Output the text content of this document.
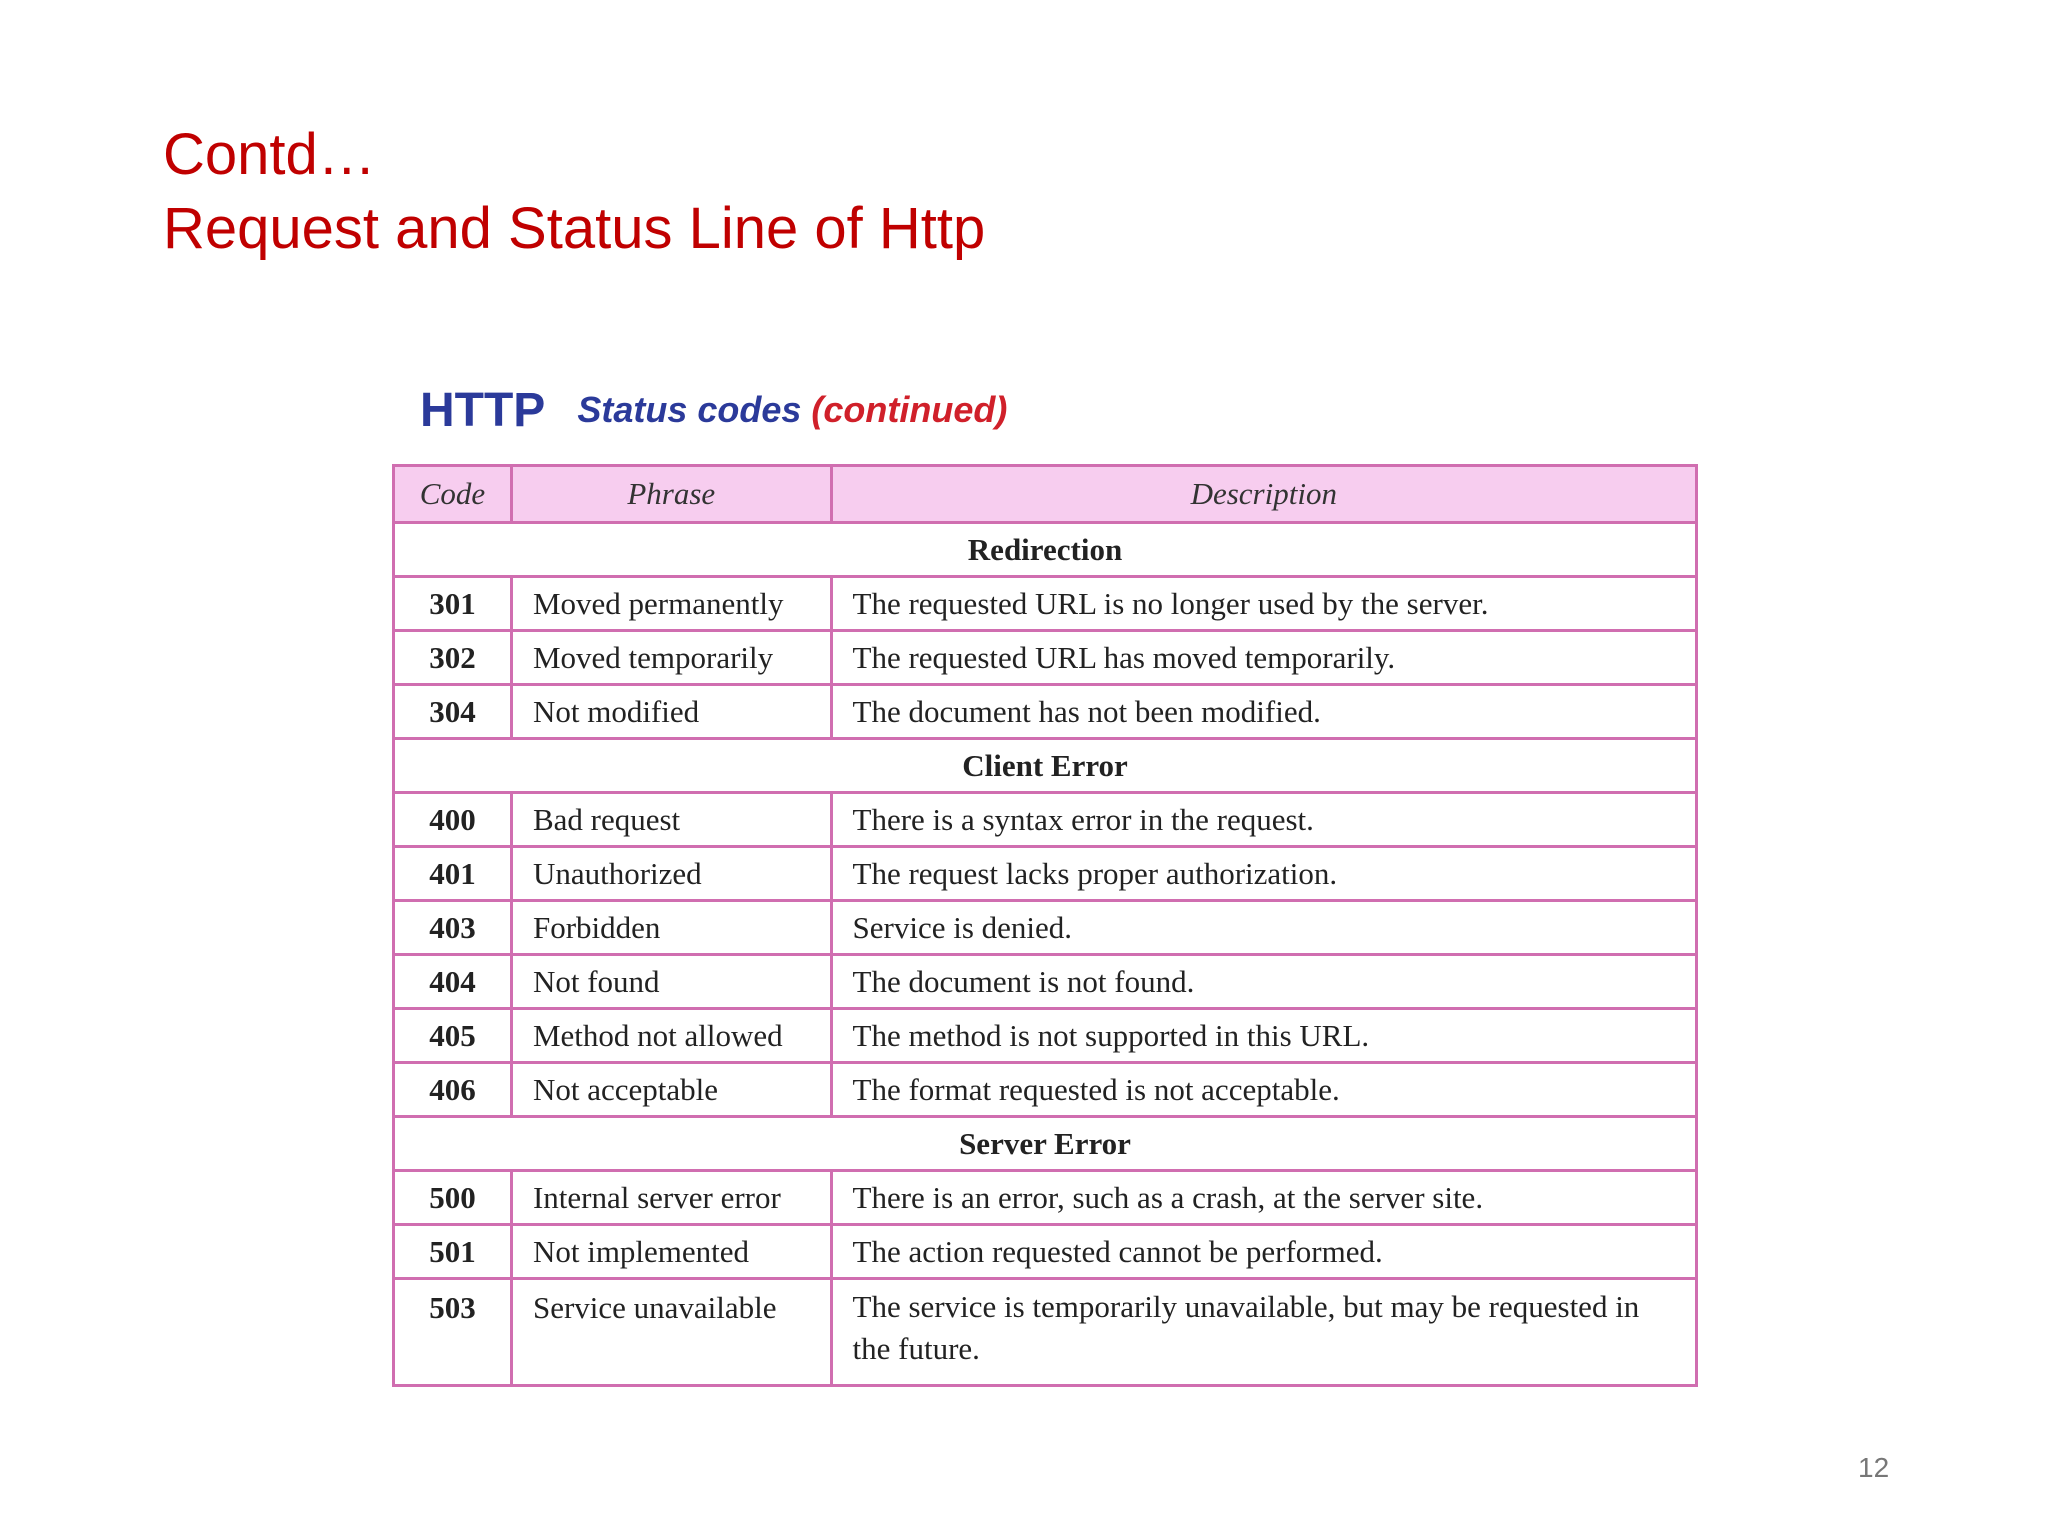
Contd…
Request and Status Line of Http
HTTP Status codes (continued)
Code	Phrase	Description
Redirection		
301	Moved permanently	The requested URL is no longer used by the server.
302	Moved temporarily	The requested URL has moved temporarily.
304	Not modified	The document has not been modified.
Client Error		
400	Bad request	There is a syntax error in the request.
401	Unauthorized	The request lacks proper authorization.
403	Forbidden	Service is denied.
404	Not found	The document is not found.
405	Method not allowed	The method is not supported in this URL.
406	Not acceptable	The format requested is not acceptable.
Server Error		
500	Internal server error	There is an error, such as a crash, at the server site.
501	Not implemented	The action requested cannot be performed.
503	Service unavailable	The service is temporarily unavailable, but may be requested in the future.
12
